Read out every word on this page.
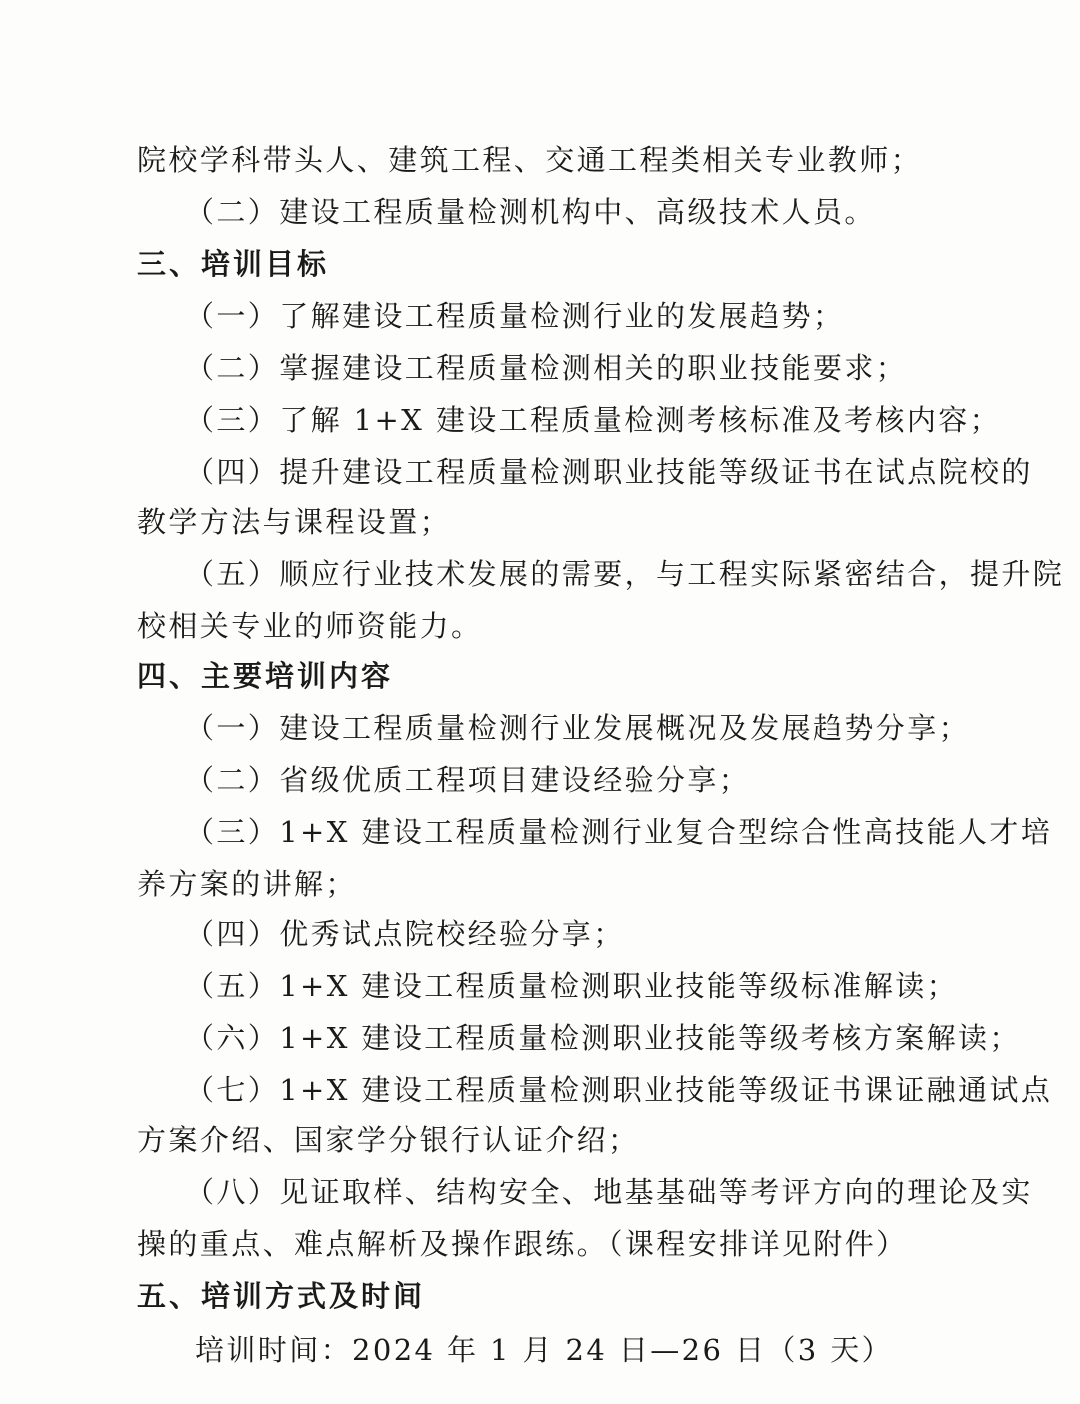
院校学科带头人、建筑工程、交通工程类相关专业教师；
（二）建设工程质量检测机构中、高级技术人员。
三、培训目标
（一）了解建设工程质量检测行业的发展趋势；
（二）掌握建设工程质量检测相关的职业技能要求；
（三）了解 1+X 建设工程质量检测考核标准及考核内容；
（四）提升建设工程质量检测职业技能等级证书在试点院校的
教学方法与课程设置；
（五）顺应行业技术发展的需要，与工程实际紧密结合，提升院
校相关专业的师资能力。
四、主要培训内容
（一）建设工程质量检测行业发展概况及发展趋势分享；
（二）省级优质工程项目建设经验分享；
（三）1+X 建设工程质量检测行业复合型综合性高技能人才培
养方案的讲解；
（四）优秀试点院校经验分享；
（五）1+X 建设工程质量检测职业技能等级标准解读；
（六）1+X 建设工程质量检测职业技能等级考核方案解读；
（七）1+X 建设工程质量检测职业技能等级证书课证融通试点
方案介绍、国家学分银行认证介绍；
（八）见证取样、结构安全、地基基础等考评方向的理论及实
操的重点、难点解析及操作跟练。（课程安排详见附件）
五、培训方式及时间
培训时间：2024 年 1 月 24 日—26 日（3 天）
